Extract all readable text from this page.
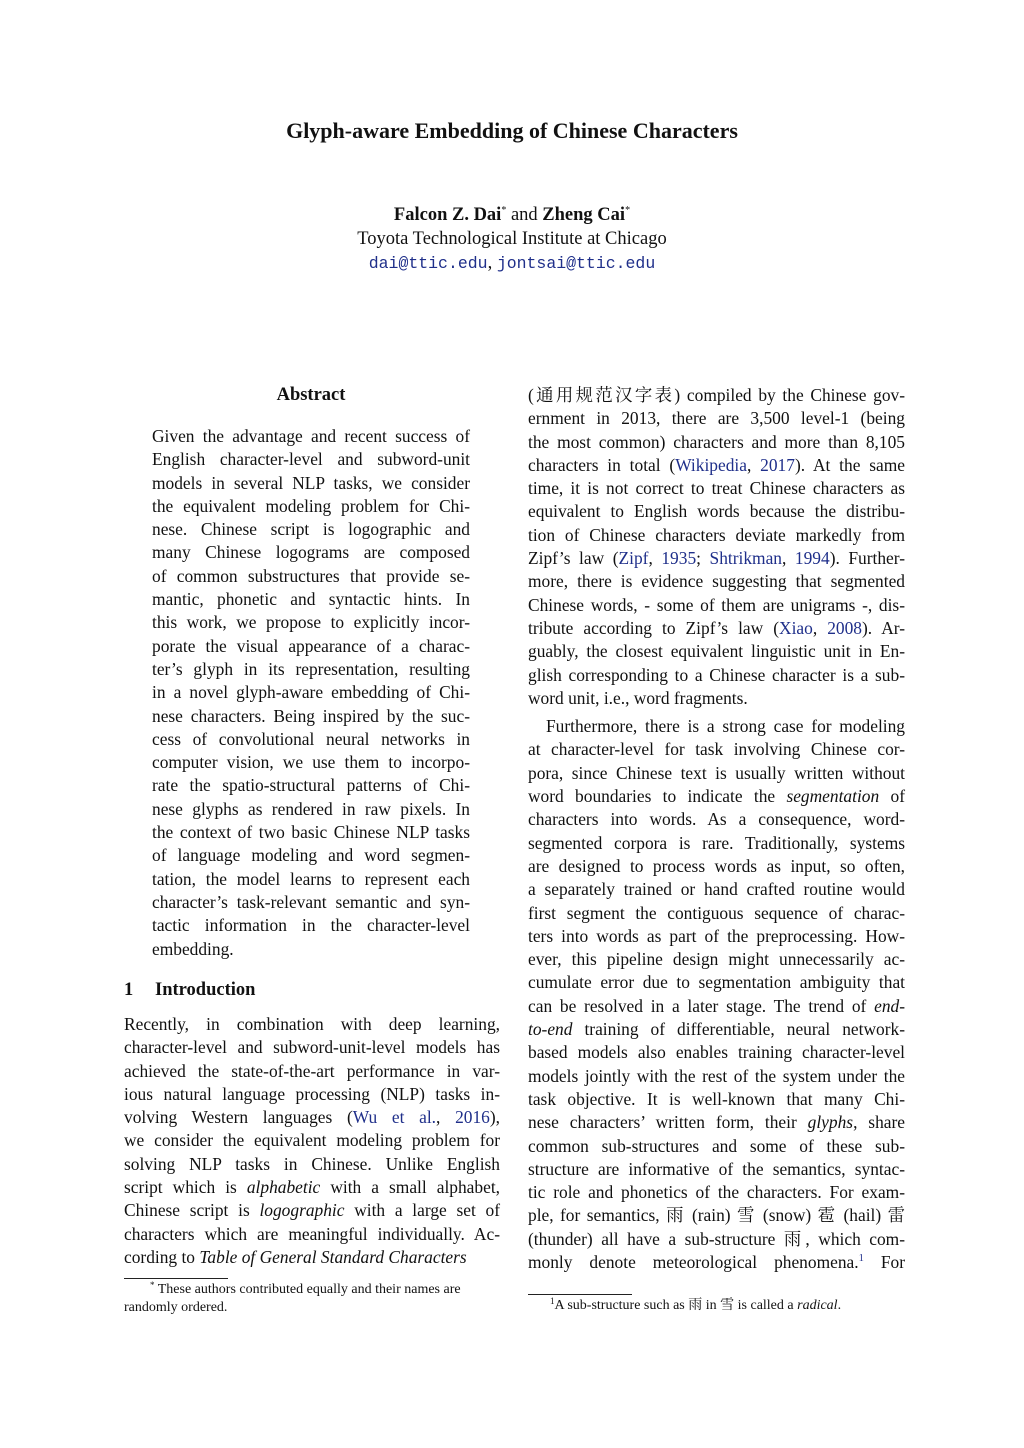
Glyph-aware Embedding of Chinese Characters
Falcon Z. Dai* and Zheng Cai*
Toyota Technological Institute at Chicago
dai@ttic.edu, jontsai@ttic.edu
Abstract

Given the advantage and recent success of

English character-level and subword-unit

models in several NLP tasks, we consider

the equivalent modeling problem for Chi-

nese. Chinese script is logographic and

many Chinese logograms are composed

of common substructures that provide se-

mantic, phonetic and syntactic hints. In

this work, we propose to explicitly incor-

porate the visual appearance of a charac-

ter’s glyph in its representation, resulting

in a novel glyph-aware embedding of Chi-

nese characters. Being inspired by the suc-

cess of convolutional neural networks in

computer vision, we use them to incorpo-

rate the spatio-structural patterns of Chi-

nese glyphs as rendered in raw pixels. In

the context of two basic Chinese NLP tasks

of language modeling and word segmen-

tation, the model learns to represent each

character’s task-relevant semantic and syn-

tactic information in the character-level

embedding.

1 Introduction

Recently, in combination with deep learning,

character-level and subword-unit-level models has

achieved the state-of-the-art performance in var-

ious natural language processing (NLP) tasks in-

volving Western languages (Wu et al., 2016),

we consider the equivalent modeling problem for

solving NLP tasks in Chinese. Unlike English

script which is alphabetic with a small alphabet,

Chinese script is logographic with a large set of

characters which are meaningful individually. Ac-

cording to Table of General Standard Characters

(通用规范汉字表) compiled by the Chinese gov-

ernment in 2013, there are 3,500 level-1 (being

the most common) characters and more than 8,105

characters in total (Wikipedia, 2017). At the same

time, it is not correct to treat Chinese characters as

equivalent to English words because the distribu-

tion of Chinese characters deviate markedly from

Zipf’s law (Zipf, 1935; Shtrikman, 1994). Further-

more, there is evidence suggesting that segmented

Chinese words, - some of them are unigrams -, dis-

tribute according to Zipf’s law (Xiao, 2008). Ar-

guably, the closest equivalent linguistic unit in En-

glish corresponding to a Chinese character is a sub-

word unit, i.e., word fragments.

Furthermore, there is a strong case for modeling

at character-level for task involving Chinese cor-

pora, since Chinese text is usually written without

word boundaries to indicate the segmentation of

characters into words. As a consequence, word-

segmented corpora is rare. Traditionally, systems

are designed to process words as input, so often,

a separately trained or hand crafted routine would

first segment the contiguous sequence of charac-

ters into words as part of the preprocessing. How-

ever, this pipeline design might unnecessarily ac-

cumulate error due to segmentation ambiguity that

can be resolved in a later stage. The trend of end-

to-end training of differentiable, neural network-

based models also enables training character-level

models jointly with the rest of the system under the

task objective. It is well-known that many Chi-

nese characters’ written form, their glyphs, share

common sub-structures and some of these sub-

structure are informative of the semantics, syntac-

tic role and phonetics of the characters. For exam-

ple, for semantics, 雨 (rain) 雪 (snow) 雹 (hail) 雷

(thunder) all have a sub-structure 雨, which com-

monly denote meteorological phenomena.$^1$ For

* These authors contributed equally and their names are
randomly ordered.	$^1$A sub-structure such as 雨 in 雪 is called a radical.
